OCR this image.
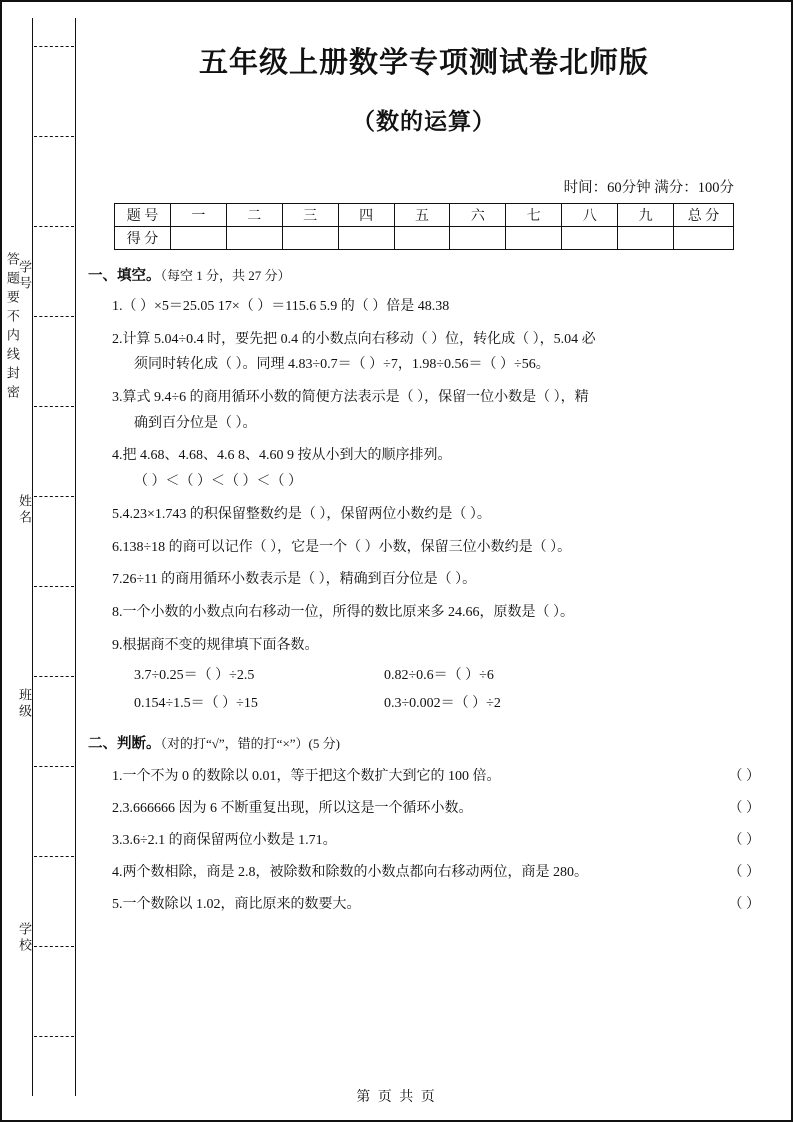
答题要不内线封密
学号
姓名
班级
学校
五年级上册数学专项测试卷北师版
（数的运算）
时间：60分钟 满分：100分
题 号	一	二	三	四	五	六	七	八	九	总 分
得 分										
一、填空。（每空 1 分，共 27 分）
1.（ ）×5＝25.05 17×（ ）＝115.6 5.9 的（ ）倍是 48.38
2.计算 5.04÷0.4 时，要先把 0.4 的小数点向右移动（ ）位，转化成（ ），5.04 必
须同时转化成（ ）。同理 4.83÷0.7＝（ ）÷7，1.98÷0.56＝（ ）÷56。
3.算式 9.4÷6 的商用循环小数的简便方法表示是（ ），保留一位小数是（ ），精
确到百分位是（ ）。
4.把 4.68、4.68、4.6 8、4.60 9 按从小到大的顺序排列。
（ ）＜（ ）＜（ ）＜（ ）
5.4.23×1.743 的积保留整数约是（ ），保留两位小数约是（ ）。
6.138÷18 的商可以记作（ ），它是一个（ ）小数，保留三位小数约是（ ）。
7.26÷11 的商用循环小数表示是（ ），精确到百分位是（ ）。
8.一个小数的小数点向右移动一位，所得的数比原来多 24.66，原数是（ ）。
9.根据商不变的规律填下面各数。
3.7÷0.25＝（ ）÷2.5	0.82÷0.6＝（ ）÷6
0.154÷1.5＝（ ）÷15	0.3÷0.002＝（ ）÷2
二、判断。（对的打“√”，错的打“×”）(5 分)
1.一个不为 0 的数除以 0.01，等于把这个数扩大到它的 100 倍。	（ ）
2.3.666666 因为 6 不断重复出现，所以这是一个循环小数。	（ ）
3.3.6÷2.1 的商保留两位小数是 1.71。	（ ）
4.两个数相除，商是 2.8，被除数和除数的小数点都向右移动两位，商是 280。	（ ）
5.一个数除以 1.02，商比原来的数要大。	（ ）
第 页 共 页
